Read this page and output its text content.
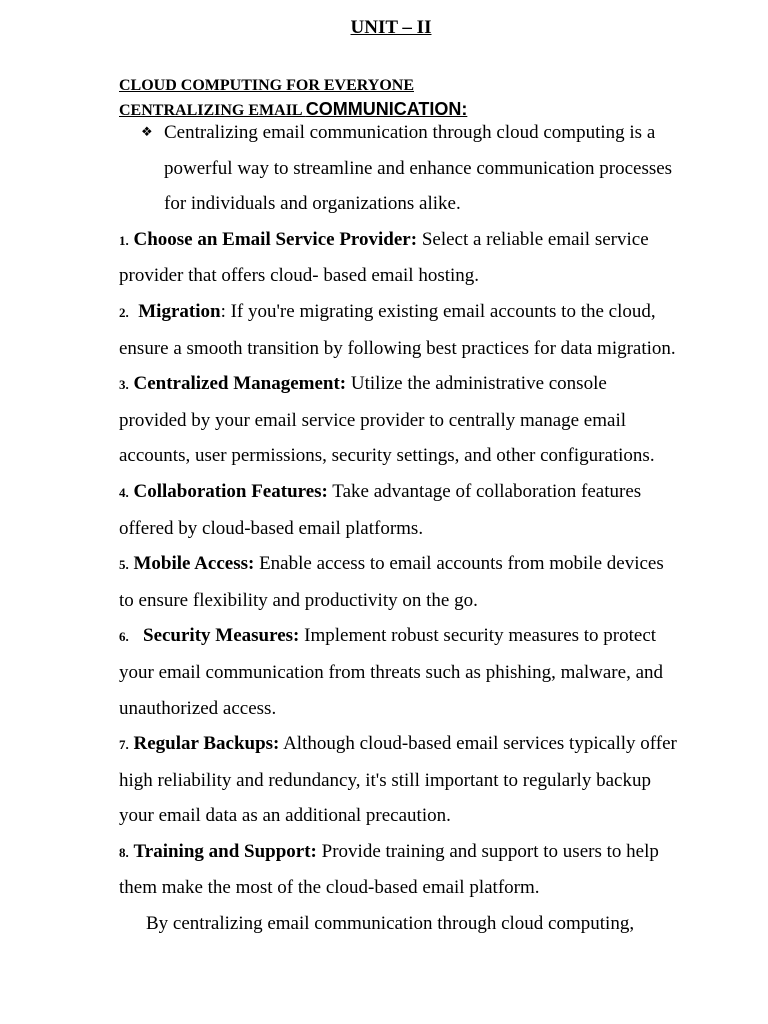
UNIT – II
CLOUD COMPUTING FOR EVERYONE
CENTRALIZING EMAIL COMMUNICATION:
❖ Centralizing email communication through cloud computing is a powerful way to streamline and enhance communication processes for individuals and organizations alike.
1. Choose an Email Service Provider: Select a reliable email service provider that offers cloud- based email hosting.
2. Migration: If you're migrating existing email accounts to the cloud, ensure a smooth transition by following best practices for data migration.
3. Centralized Management: Utilize the administrative console provided by your email service provider to centrally manage email accounts, user permissions, security settings, and other configurations.
4. Collaboration Features: Take advantage of collaboration features offered by cloud-based email platforms.
5. Mobile Access: Enable access to email accounts from mobile devices to ensure flexibility and productivity on the go.
6. Security Measures: Implement robust security measures to protect your email communication from threats such as phishing, malware, and unauthorized access.
7. Regular Backups: Although cloud-based email services typically offer high reliability and redundancy, it's still important to regularly backup your email data as an additional precaution.
8. Training and Support: Provide training and support to users to help them make the most of the cloud-based email platform.
By centralizing email communication through cloud computing,
